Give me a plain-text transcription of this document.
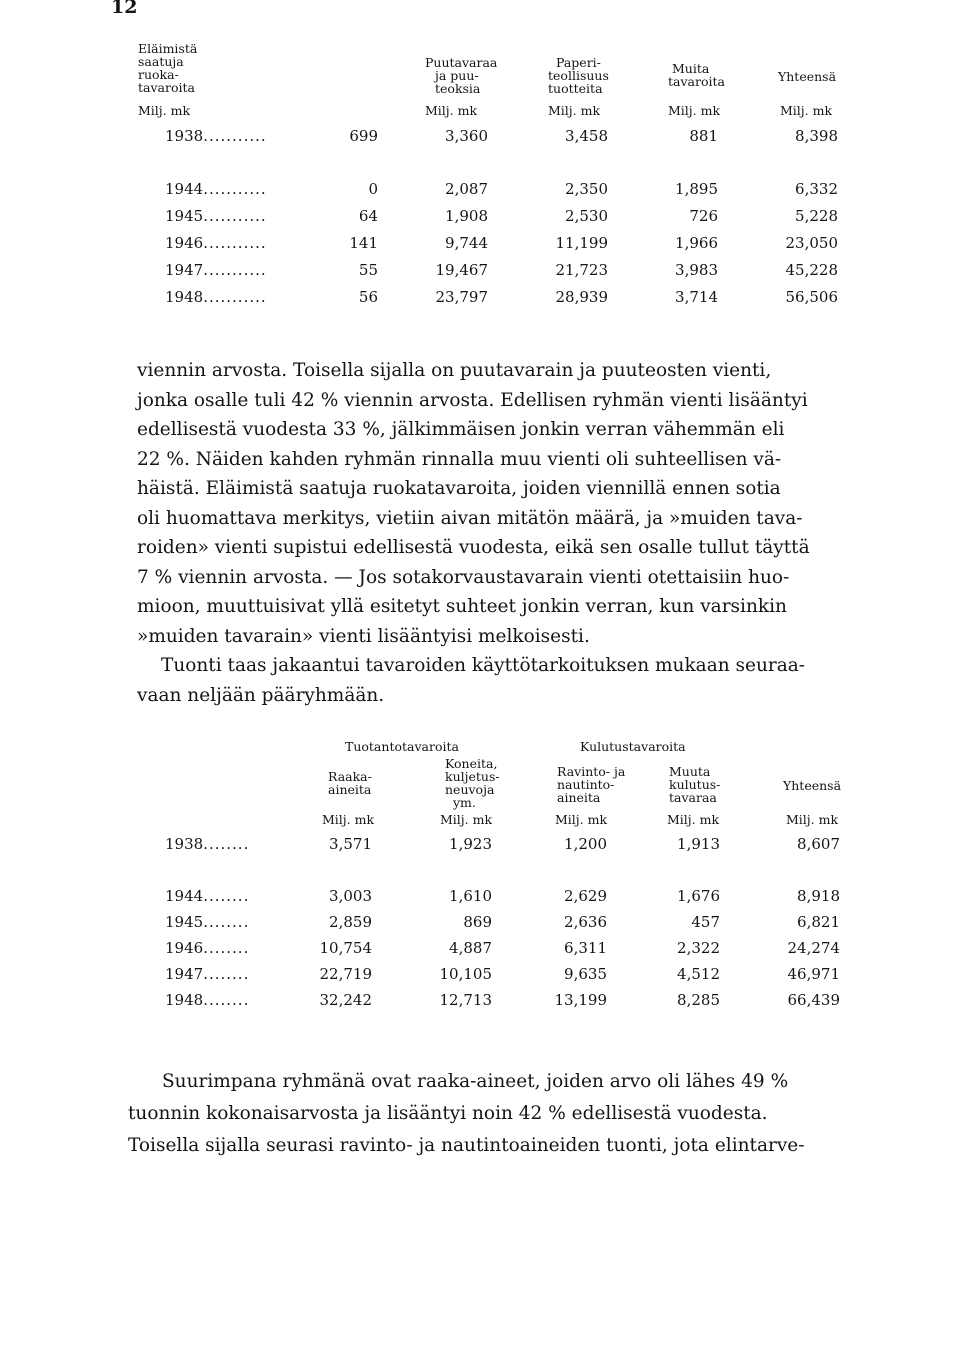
12
Eläimistä
saatuja
ruoka-
tavaroita
Puutavaraa
ja puu-
teoksia
Paperi-
teollisuus
tuotteita
Muita
tavaroita	Yhteensä
Milj. mk	Milj. mk	Milj. mk	Milj. mk	Milj. mk
1938...........	699	3,360	3,458	881	8,398
1944...........	0	2,087	2,350	1,895	6,332
1945...........	64	1,908	2,530	726	5,228
1946...........	141	9,744	11,199	1,966	23,050
1947...........	55	19,467	21,723	3,983	45,228
1948...........	56	23,797	28,939	3,714	56,506
viennin arvosta. Toisella sijalla on puutavarain ja puuteosten vienti,
jonka osalle tuli 42 % viennin arvosta. Edellisen ryhmän vienti lisääntyi
edellisestä vuodesta 33 %, jälkimmäisen jonkin verran vähemmän eli
22 %. Näiden kahden ryhmän rinnalla muu vienti oli suhteellisen vä-
häistä. Eläimistä saatuja ruokatavaroita, joiden viennillä ennen sotia
oli huomattava merkitys, vietiin aivan mitätön määrä, ja »muiden tava-
roiden» vienti supistui edellisestä vuodesta, eikä sen osalle tullut täyttä
7 % viennin arvosta. — Jos sotakorvaustavarain vienti otettaisiin huo-
mioon, muuttuisivat yllä esitetyt suhteet jonkin verran, kun varsinkin
»muiden tavarain» vienti lisääntyisi melkoisesti.
Tuonti taas jakaantui tavaroiden käyttötarkoituksen mukaan seuraa-
vaan neljään pääryhmään.
Tuotantotavaroita	Kulutustavaroita
Raaka-
aineita
Koneita,
kuljetus-
neuvoja
ym.
Ravinto- ja
nautinto-
aineita
Muuta
kulutus-
tavaraa
Yhteensä
Milj. mk	Milj. mk	Milj. mk	Milj. mk	Milj. mk
1938........	3,571	1,923	1,200	1,913	8,607
1944........	3,003	1,610	2,629	1,676	8,918
1945........	2,859	869	2,636	457	6,821
1946........	10,754	4,887	6,311	2,322	24,274
1947........	22,719	10,105	9,635	4,512	46,971
1948........	32,242	12,713	13,199	8,285	66,439
Suurimpana ryhmänä ovat raaka-aineet, joiden arvo oli lähes 49 %
tuonnin kokonaisarvosta ja lisääntyi noin 42 % edellisestä vuodesta.
Toisella sijalla seurasi ravinto- ja nautintoaineiden tuonti, jota elintarve-
